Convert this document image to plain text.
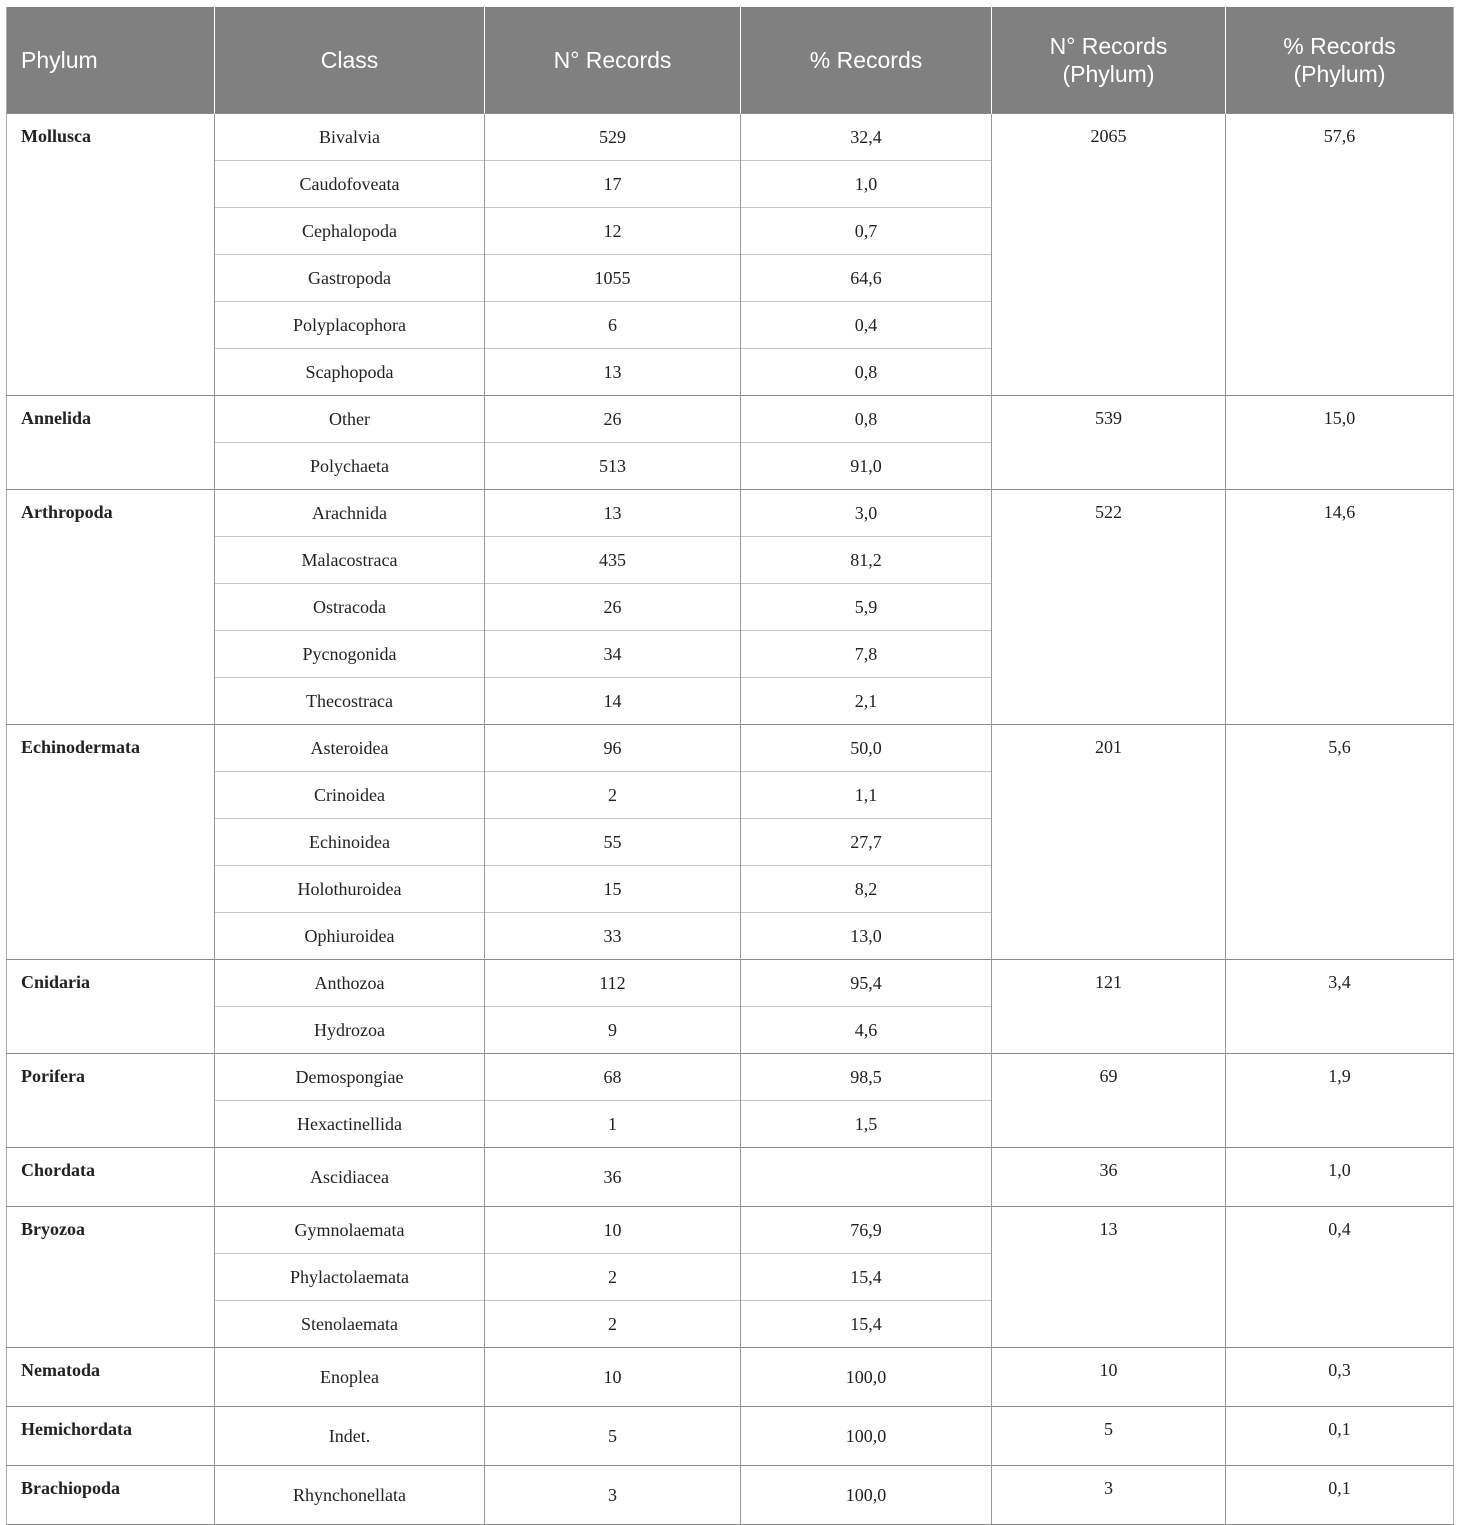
Phylum	Class	N° Records	% Records	N° Records (Phylum)	% Records (Phylum)
Mollusca	Bivalvia	529	32,4	2065	57,6
	Caudofoveata	17	1,0		
	Cephalopoda	12	0,7		
	Gastropoda	1055	64,6		
	Polyplacophora	6	0,4		
	Scaphopoda	13	0,8		
Annelida	Other	26	0,8	539	15,0
	Polychaeta	513	91,0		
Arthropoda	Arachnida	13	3,0	522	14,6
	Malacostraca	435	81,2		
	Ostracoda	26	5,9		
	Pycnogonida	34	7,8		
	Thecostraca	14	2,1		
Echinodermata	Asteroidea	96	50,0	201	5,6
	Crinoidea	2	1,1		
	Echinoidea	55	27,7		
	Holothuroidea	15	8,2		
	Ophiuroidea	33	13,0		
Cnidaria	Anthozoa	112	95,4	121	3,4
	Hydrozoa	9	4,6		
Porifera	Demospongiae	68	98,5	69	1,9
	Hexactinellida	1	1,5		
Chordata	Ascidiacea	36		36	1,0
Bryozoa	Gymnolaemata	10	76,9	13	0,4
	Phylactolaemata	2	15,4		
	Stenolaemata	2	15,4		
Nematoda	Enoplea	10	100,0	10	0,3
Hemichordata	Indet.	5	100,0	5	0,1
Brachiopoda	Rhynchonellata	3	100,0	3	0,1
